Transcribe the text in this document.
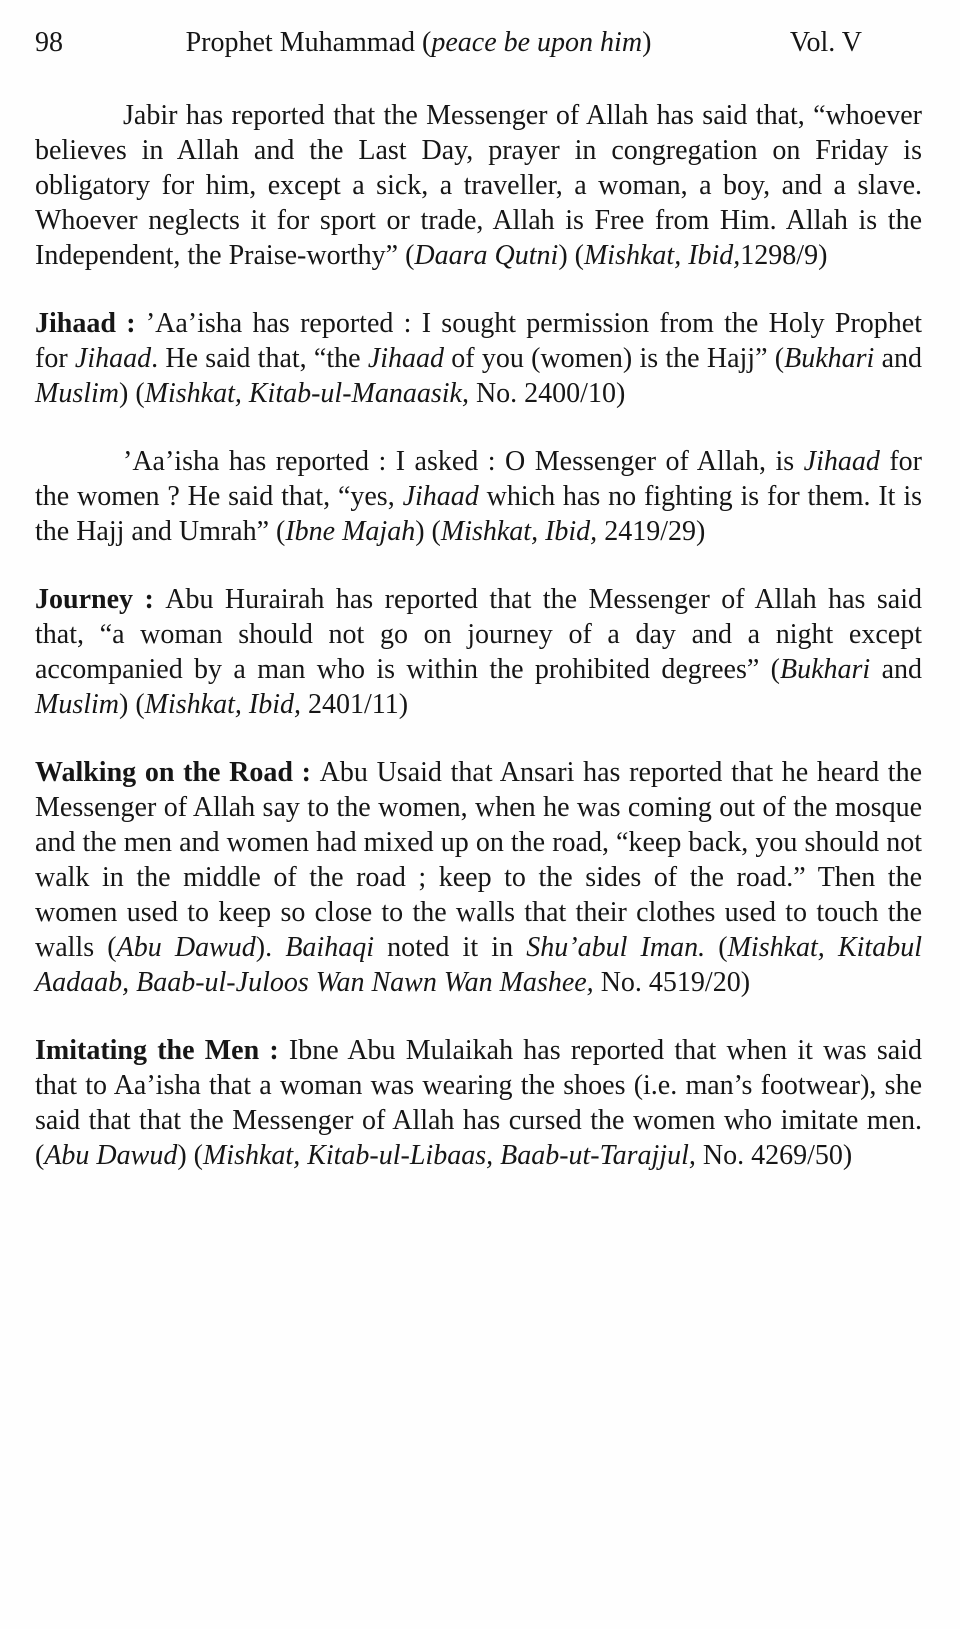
98	Prophet Muhammad (peace be upon him)	Vol. V

Jabir has reported that the Messenger of Allah has said that, “whoever believes in Allah and the Last Day, prayer in congregation on Friday is obligatory for him, except a sick, a traveller, a woman, a boy, and a slave. Whoever neglects it for sport or trade, Allah is Free from Him. Allah is the Independent, the Praise-worthy” (Daara Qutni) (Mishkat, Ibid,1298/9)

Jihaad : ’Aa’isha has reported : I sought permission from the Holy Prophet for Jihaad. He said that, “the Jihaad of you (women) is the Hajj” (Bukhari and Muslim) (Mishkat, Kitab-ul-Manaasik, No. 2400/10)

’Aa’isha has reported : I asked : O Messenger of Allah, is Jihaad for the women ? He said that, “yes, Jihaad which has no fighting is for them. It is the Hajj and Umrah” (Ibne Majah) (Mishkat, Ibid, 2419/29)

Journey : Abu Hurairah has reported that the Messenger of Allah has said that, “a woman should not go on journey of a day and a night except accompanied by a man who is within the prohibited degrees” (Bukhari and Muslim) (Mishkat, Ibid, 2401/11)

Walking on the Road : Abu Usaid that Ansari has reported that he heard the Messenger of Allah say to the women, when he was coming out of the mosque and the men and women had mixed up on the road, “keep back, you should not walk in the middle of the road ; keep to the sides of the road.” Then the women used to keep so close to the walls that their clothes used to touch the walls (Abu Dawud). Baihaqi noted it in Shu’abul Iman. (Mishkat, Kitabul Aadaab, Baab-ul-Juloos Wan Nawn Wan Mashee, No. 4519/20)

Imitating the Men : Ibne Abu Mulaikah has reported that when it was said that to Aa’isha that a woman was wearing the shoes (i.e. man’s footwear), she said that that the Messenger of Allah has cursed the women who imitate men. (Abu Dawud) (Mishkat, Kitab-ul-Libaas, Baab-ut-Tarajjul, No. 4269/50)
